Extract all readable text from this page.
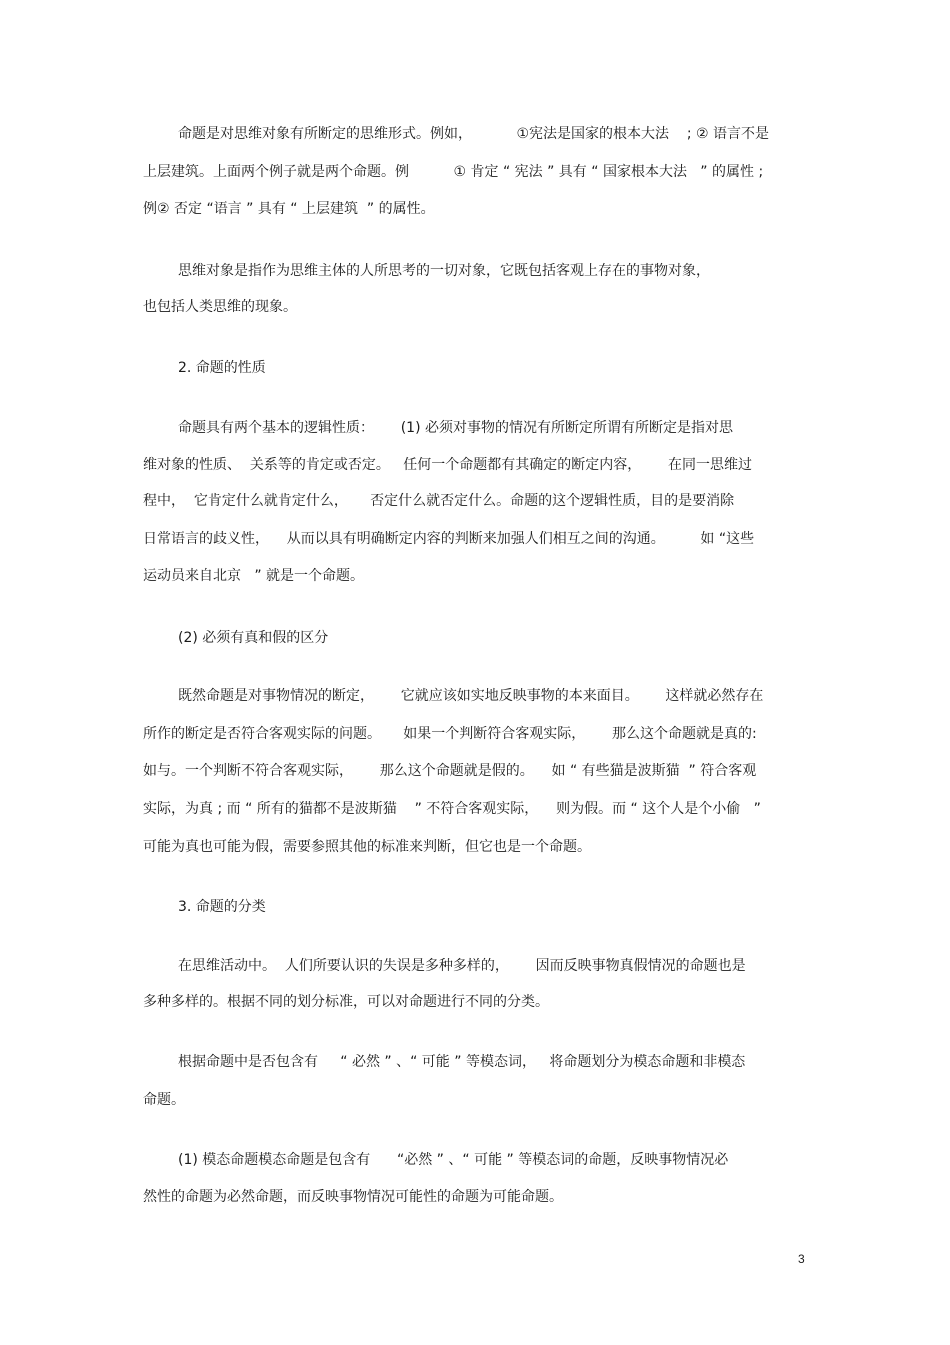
命题是对思维对象有所断定的思维形式。例如，          ①宪法是国家的根本大法    ; ② 语言不是
上层建筑。上面两个例子就是两个命题。例          ① 肯定 “ 宪法 ” 具有 “ 国家根本大法   ” 的属性 ;
例② 否定 “语言 ” 具有 “ 上层建筑  ” 的属性。
思维对象是指作为思维主体的人所思考的一切对象，它既包括客观上存在的事物对象，
也包括人类思维的现象。
2. 命题的性质
命题具有两个基本的逻辑性质：      (1) 必须对事物的情况有所断定所谓有所断定是指对思
维对象的性质、  关系等的肯定或否定。   任何一个命题都有其确定的断定内容，      在同一思维过
程中，  它肯定什么就肯定什么，     否定什么就否定什么。命题的这个逻辑性质，目的是要消除
日常语言的歧义性，    从而以具有明确断定内容的判断来加强人们相互之间的沟通。        如 “这些
运动员来自北京   ” 就是一个命题。
(2) 必须有真和假的区分
既然命题是对事物情况的断定，      它就应该如实地反映事物的本来面目。      这样就必然存在
所作的断定是否符合客观实际的问题。     如果一个判断符合客观实际，      那么这个命题就是真的:
如与。一个判断不符合客观实际，      那么这个命题就是假的。    如 “ 有些猫是波斯猫  ” 符合客观
实际，为真 ; 而 “ 所有的猫都不是波斯猫    ” 不符合客观实际，    则为假。而 “ 这个人是个小偷   ”
可能为真也可能为假，需要参照其他的标准来判断，但它也是一个命题。
3. 命题的分类
在思维活动中。  人们所要认识的失误是多种多样的，      因而反映事物真假情况的命题也是
多种多样的。根据不同的划分标准，可以对命题进行不同的分类。
根据命题中是否包含有     “ 必然 ” 、“ 可能 ” 等模态词，   将命题划分为模态命题和非模态
命题。
(1) 模态命题模态命题是包含有      “必然 ” 、“ 可能 ” 等模态词的命题，反映事物情况必
然性的命题为必然命题，而反映事物情况可能性的命题为可能命题。
3
